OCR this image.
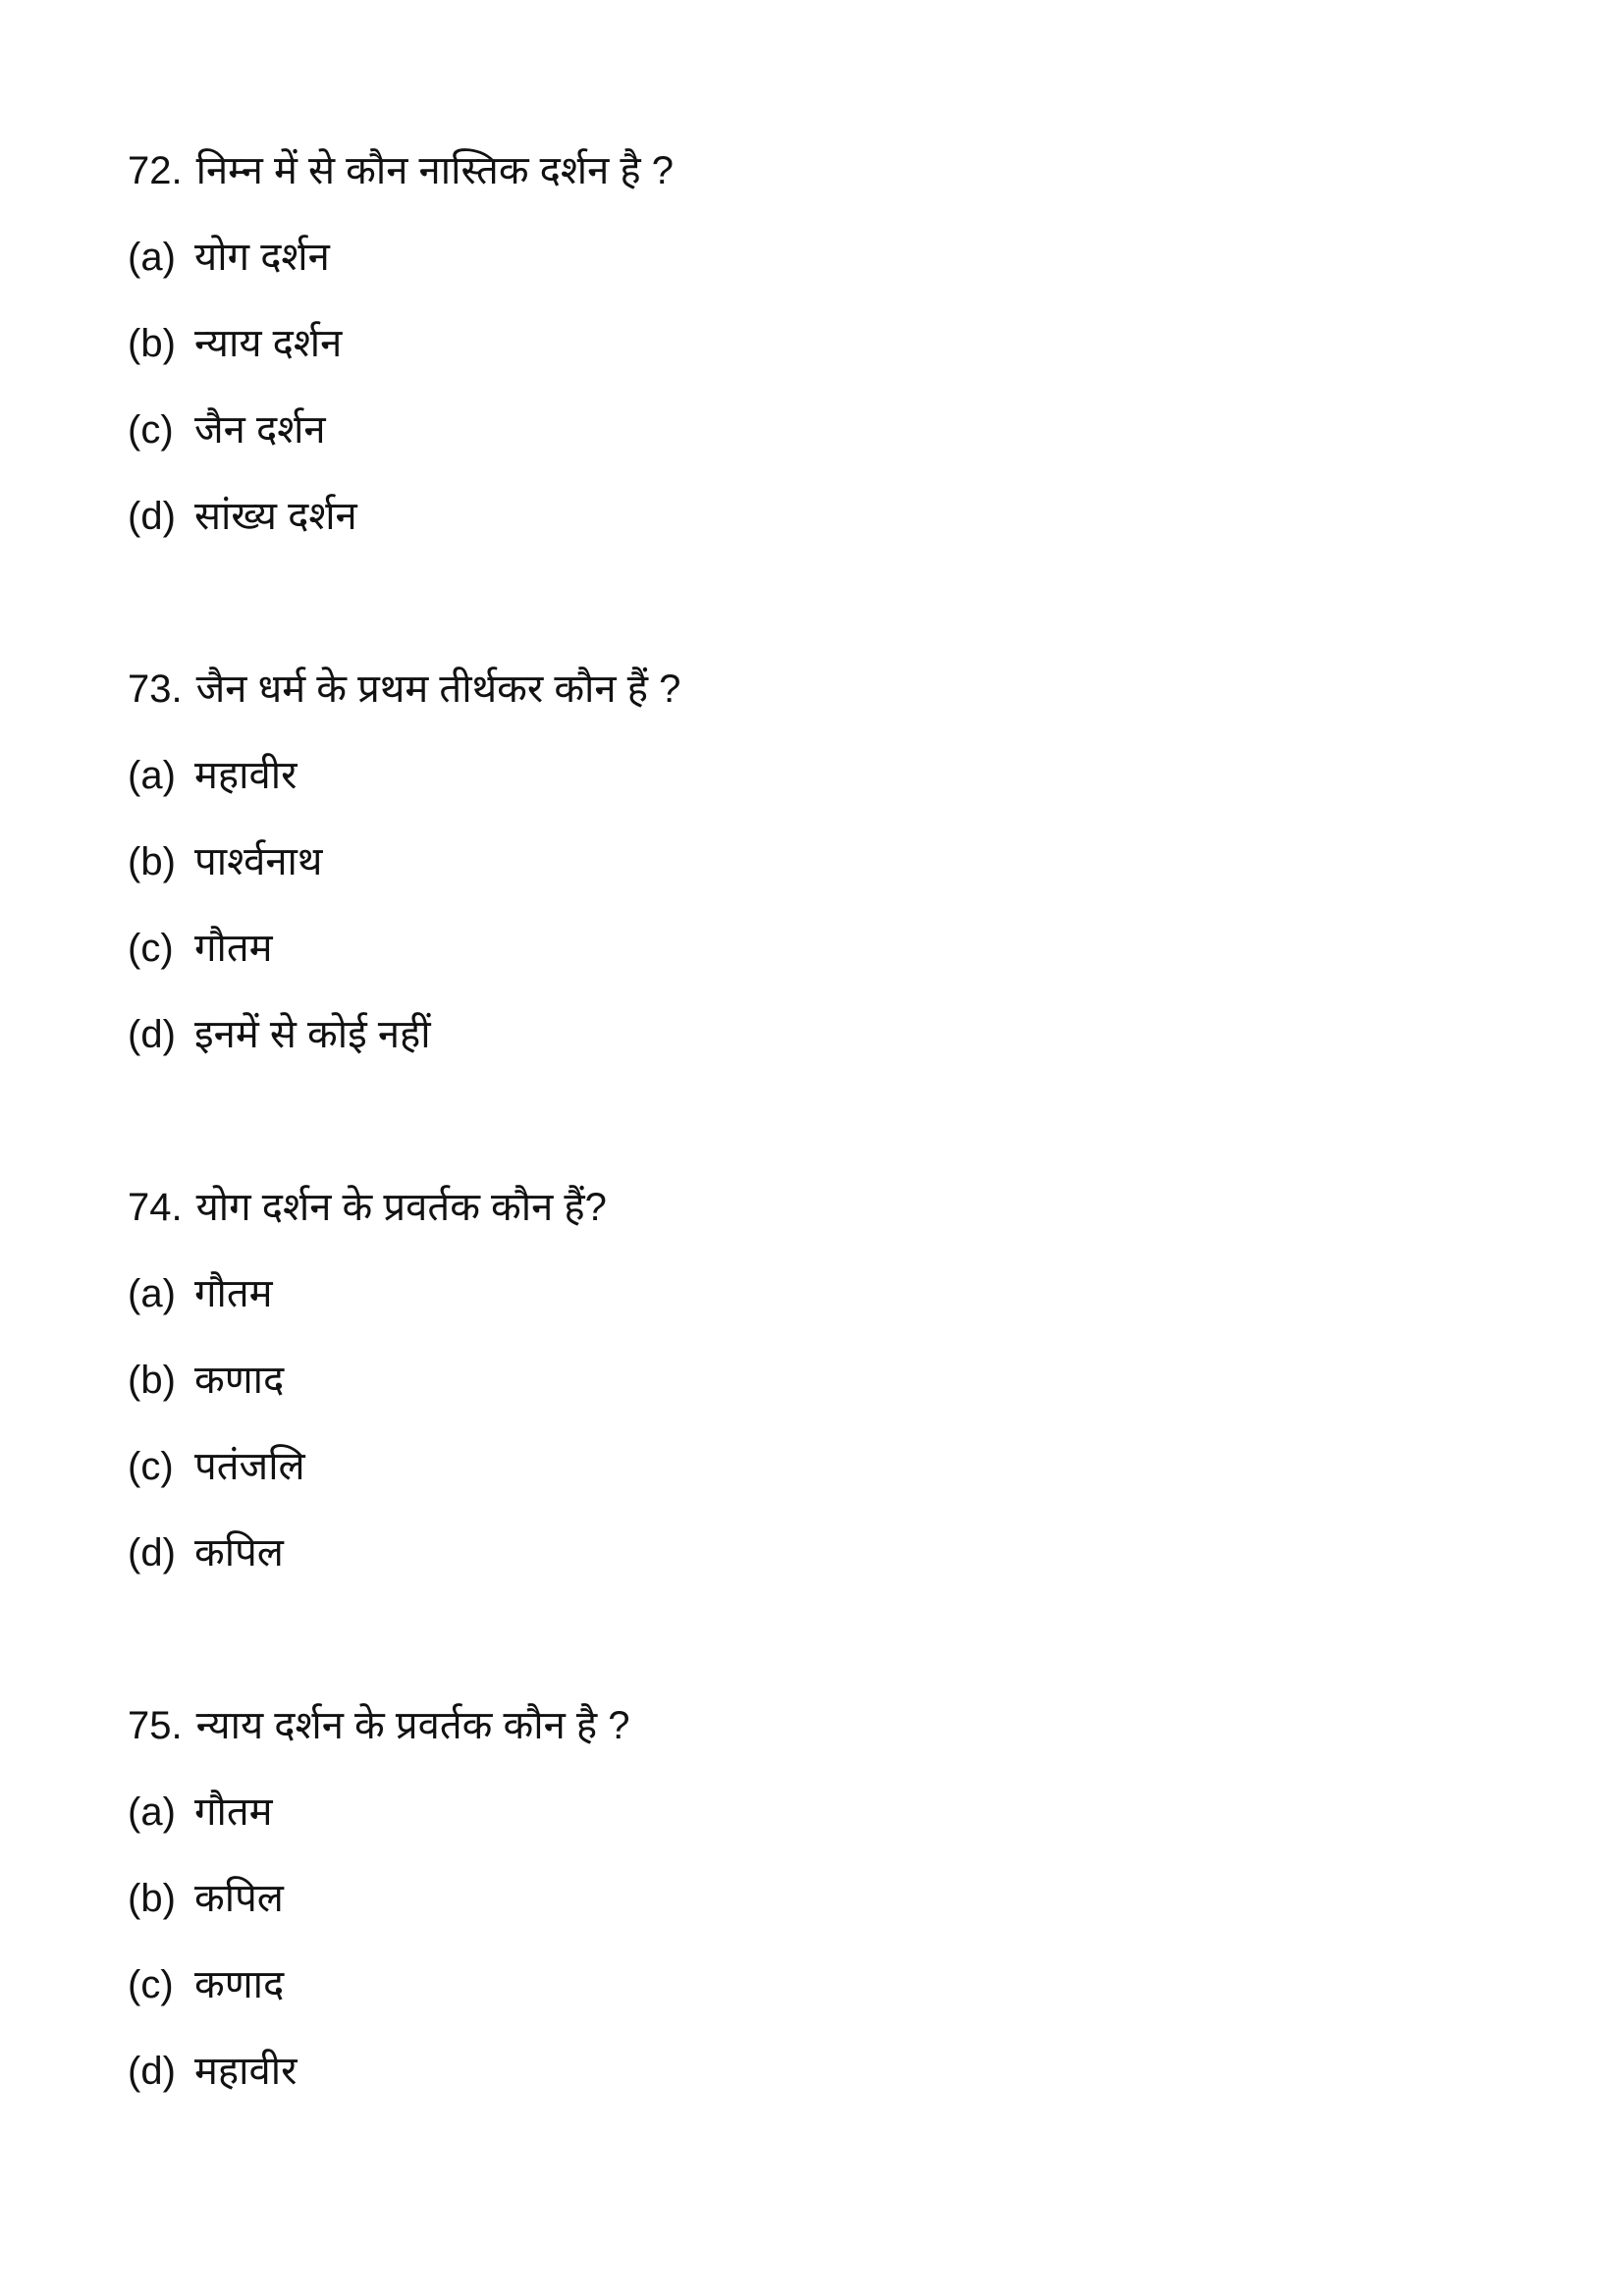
72. निम्न में से कौन नास्तिक दर्शन है ?
(a) योग दर्शन
(b) न्याय दर्शन
(c) जैन दर्शन
(d) सांख्य दर्शन
73. जैन धर्म के प्रथम तीर्थकर कौन हैं ?
(a) महावीर
(b) पार्श्वनाथ
(c) गौतम
(d) इनमें से कोई नहीं
74. योग दर्शन के प्रवर्तक कौन हैं?
(a) गौतम
(b) कणाद
(c) पतंजलि
(d) कपिल
75. न्याय दर्शन के प्रवर्तक कौन है ?
(a) गौतम
(b) कपिल
(c) कणाद
(d) महावीर
